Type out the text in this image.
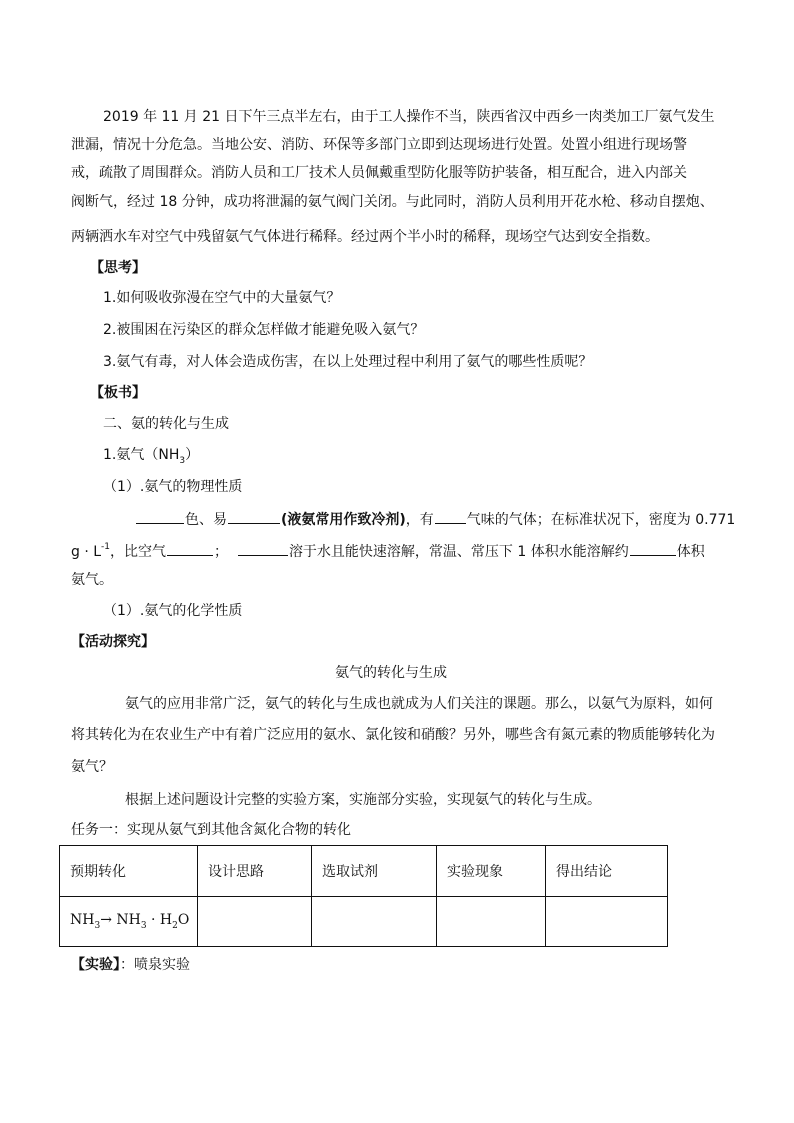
2019 年 11 月 21 日下午三点半左右，由于工人操作不当，陕西省汉中西乡一肉类加工厂氨气发生
泄漏，情况十分危急。当地公安、消防、环保等多部门立即到达现场进行处置。处置小组进行现场警
戒，疏散了周围群众。消防人员和工厂技术人员佩戴重型防化服等防护装备，相互配合，进入内部关
阀断气，经过 18 分钟，成功将泄漏的氨气阀门关闭。与此同时，消防人员利用开花水枪、移动自摆炮、
两辆洒水车对空气中残留氨气气体进行稀释。经过两个半小时的稀释，现场空气达到安全指数。
【思考】
1.如何吸收弥漫在空气中的大量氨气？
2.被围困在污染区的群众怎样做才能避免吸入氨气？
3.氨气有毒，对人体会造成伤害，在以上处理过程中利用了氨气的哪些性质呢？
【板书】
二、氨的转化与生成
1.氨气$(NH_3)$
（1）.氨气的物理性质
色、易	(液氨常用作致冷剂)，有 气味的气体；在标准状况下，密度为 0.771
$g \cdot L^{-1}$，比空气	；	溶于水且能快速溶解，常温、常压下 1 体积水能溶解约	体积
氨气。
（1）.氨气的化学性质
【活动探究】
氨气的转化与生成
氨气的应用非常广泛，氨气的转化与生成也就成为人们关注的课题。那么，以氨气为原料，如何
将其转化为在农业生产中有着广泛应用的氨水、氯化铵和硝酸？另外，哪些含有氮元素的物质能够转化为
氨气？
根据上述问题设计完整的实验方案，实施部分实验，实现氨气的转化与生成。
任务一：实现从氨气到其他含氮化合物的转化
预期转化	设计思路	选取试剂	实验现象	得出结论
$NH_3\to NH_3 \cdot H_2O$				
【实验】：喷泉实验
